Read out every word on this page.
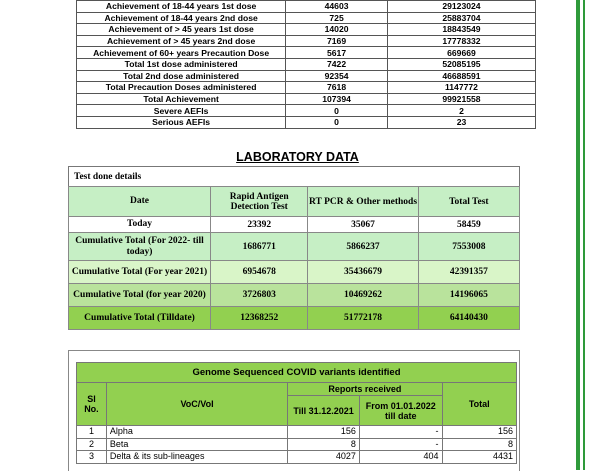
Achievement of 18-44 years 1st dose	44603	29123024
Achievement of 18-44 years 2nd dose	725	25883704
Achievement of > 45 years 1st dose	14020	18843549
Achievement of > 45 years 2nd dose	7169	17778332
Achievement of 60+ years Precaution Dose	5617	669669
Total 1st dose administered	7422	52085195
Total 2nd dose administered	92354	46688591
Total Precaution Doses administered	7618	1147772
Total Achievement	107394	99921558
Severe AEFIs	0	2
Serious AEFIs	0	23
LABORATORY DATA
Test done details
Date	Rapid Antigen Detection Test	RT PCR & Other methods	Total Test
Today	23392	35067	58459
Cumulative Total (For 2022- till today)	1686771	5866237	7553008
Cumulative Total (For year 2021)	6954678	35436679	42391357
Cumulative Total (for year 2020)	3726803	10469262	14196065
Cumulative Total (Tilldate)	12368252	51772178	64140430
Genome Sequenced COVID variants identified				
Sl No.	VoC/VoI	Reports received		Total
		Till 31.12.2021	From 01.01.2022 till date	
1	Alpha	156	-	156
2	Beta	8	-	8
3	Delta & its sub-lineages	4027	404	4431
